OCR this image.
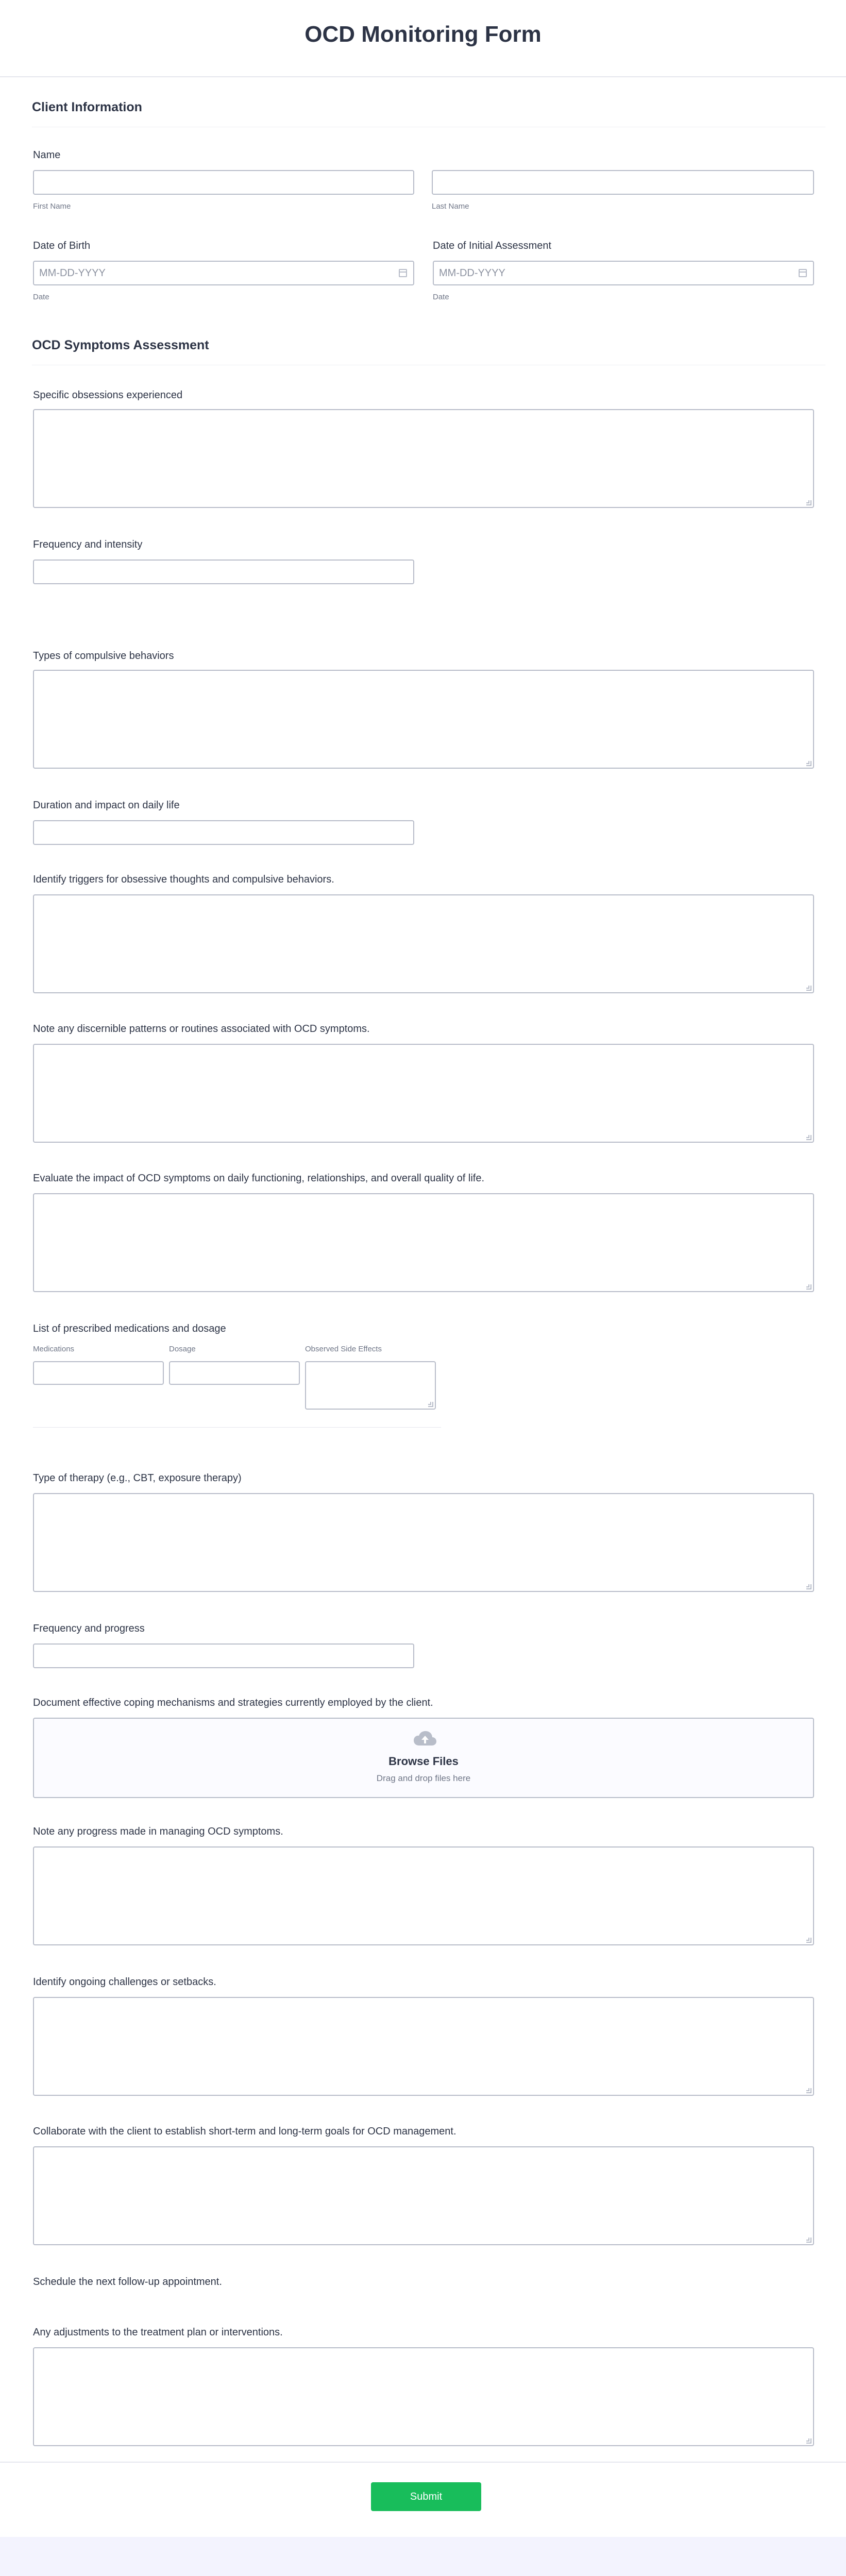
OCD Monitoring Form
Client Information
Name
First Name	Last Name
Date of Birth	Date of Initial Assessment
MM-DD-YYYY	MM-DD-YYYY
Date	Date
OCD Symptoms Assessment
Specific obsessions experienced
Frequency and intensity
Types of compulsive behaviors
Duration and impact on daily life
Identify triggers for obsessive thoughts and compulsive behaviors.
Note any discernible patterns or routines associated with OCD symptoms.
Evaluate the impact of OCD symptoms on daily functioning, relationships, and overall quality of life.
List of prescribed medications and dosage
Medications	Dosage	Observed Side Effects
Type of therapy (e.g., CBT, exposure therapy)
Frequency and progress
Document effective coping mechanisms and strategies currently employed by the client.
Browse Files
Drag and drop files here
Note any progress made in managing OCD symptoms.
Identify ongoing challenges or setbacks.
Collaborate with the client to establish short-term and long-term goals for OCD management.
Schedule the next follow-up appointment.
Any adjustments to the treatment plan or interventions.
Submit
